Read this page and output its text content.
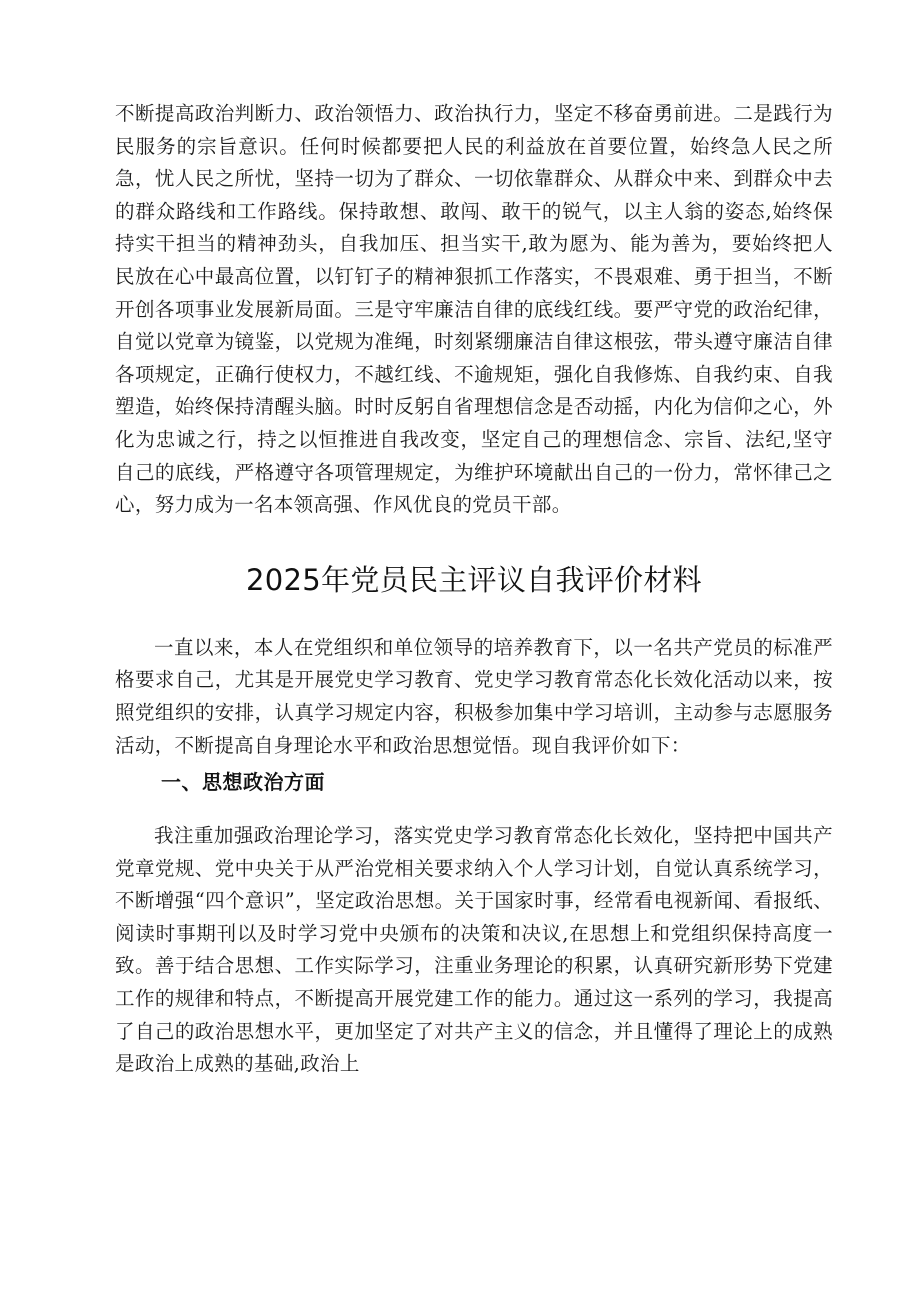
不断提高政治判断力、政治领悟力、政治执行力，坚定不移奋勇前进。二是践行为民服务的宗旨意识。任何时候都要把人民的利益放在首要位置，始终急人民之所急，忧人民之所忧，坚持一切为了群众、一切依靠群众、从群众中来、到群众中去的群众路线和工作路线。保持敢想、敢闯、敢干的锐气，以主人翁的姿态,始终保持实干担当的精神劲头，自我加压、担当实干,敢为愿为、能为善为，要始终把人民放在心中最高位置，以钉钉子的精神狠抓工作落实，不畏艰难、勇于担当，不断开创各项事业发展新局面。三是守牢廉洁自律的底线红线。要严守党的政治纪律，自觉以党章为镜鉴，以党规为准绳，时刻紧绷廉洁自律这根弦，带头遵守廉洁自律各项规定，正确行使权力，不越红线、不逾规矩，强化自我修炼、自我约束、自我塑造，始终保持清醒头脑。时时反躬自省理想信念是否动摇，内化为信仰之心，外化为忠诚之行，持之以恒推进自我改变，坚定自己的理想信念、宗旨、法纪,坚守自己的底线，严格遵守各项管理规定，为维护环境献出自己的一份力，常怀律己之心，努力成为一名本领高强、作风优良的党员干部。

2025年党员民主评议自我评价材料

一直以来，本人在党组织和单位领导的培养教育下，以一名共产党员的标准严格要求自己，尤其是开展党史学习教育、党史学习教育常态化长效化活动以来，按照党组织的安排，认真学习规定内容，积极参加集中学习培训，主动参与志愿服务活动，不断提高自身理论水平和政治思想觉悟。现自我评价如下：

一、思想政治方面

我注重加强政治理论学习，落实党史学习教育常态化长效化，坚持把中国共产党章党规、党中央关于从严治党相关要求纳入个人学习计划，自觉认真系统学习，不断增强“四个意识”，坚定政治思想。关于国家时事，经常看电视新闻、看报纸、阅读时事期刊以及时学习党中央颁布的决策和决议,在思想上和党组织保持高度一致。善于结合思想、工作实际学习，注重业务理论的积累，认真研究新形势下党建工作的规律和特点，不断提高开展党建工作的能力。通过这一系列的学习，我提高了自己的政治思想水平，更加坚定了对共产主义的信念，并且懂得了理论上的成熟是政治上成熟的基础,政治上
